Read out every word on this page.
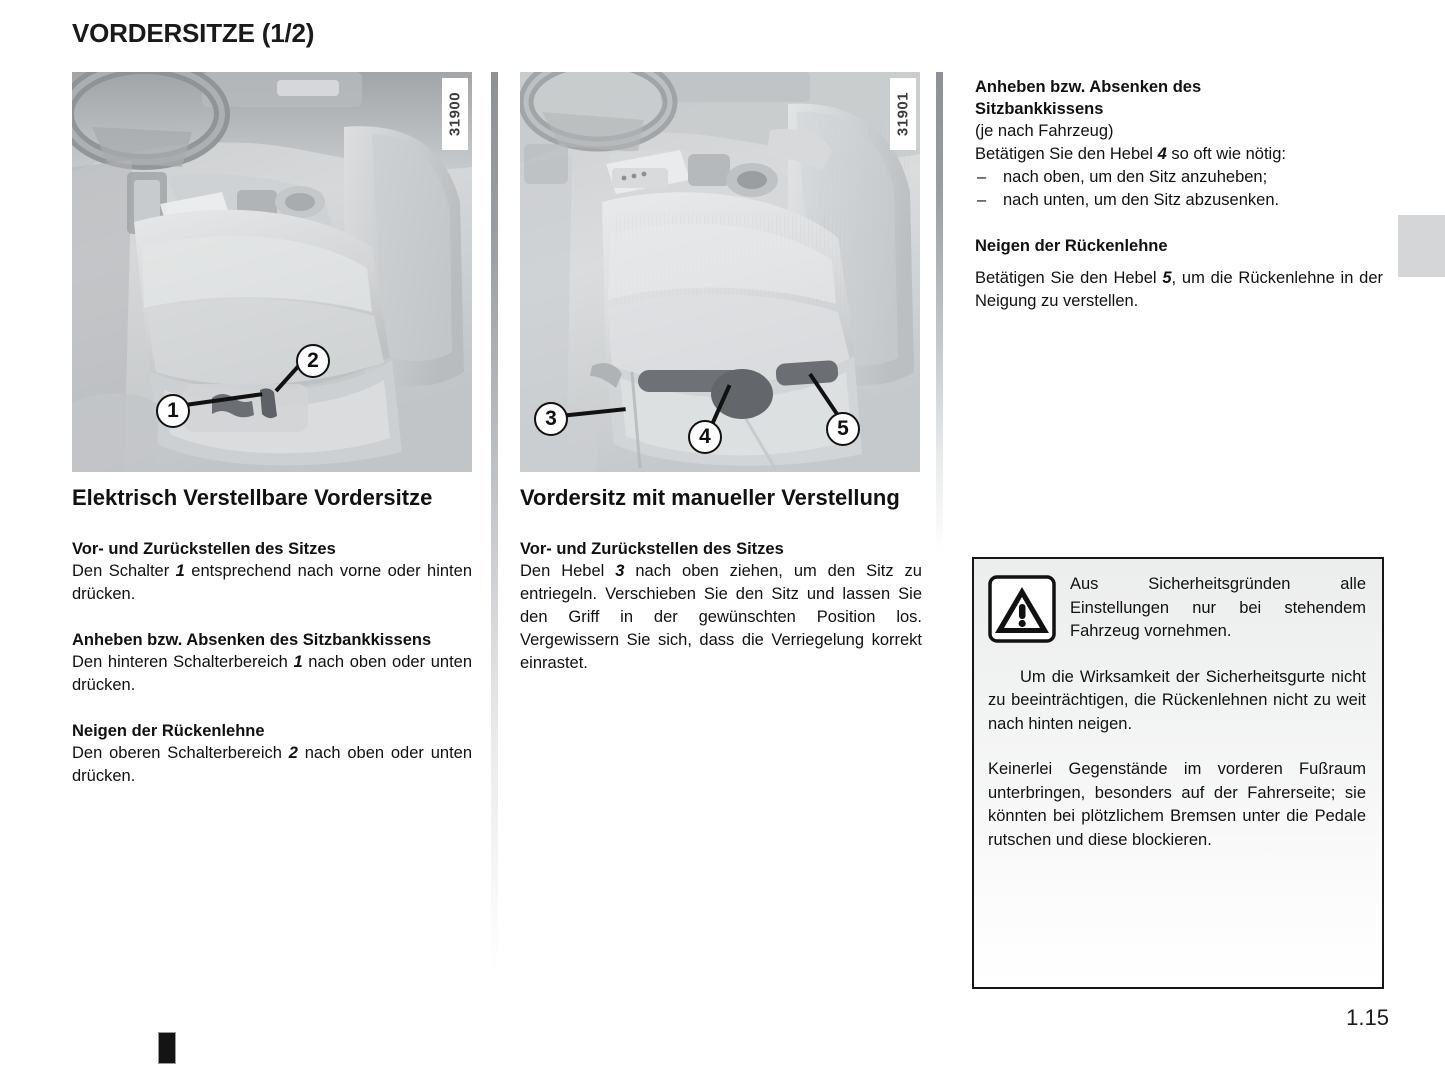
VORDERSITZE (1/2)
1
2
31900
3
4	5
31901
Elektrisch Verstellbare Vordersitze
Vor- und Zurückstellen des Sitzes

Den Schalter 1 entsprechend nach vorne oder hinten drücken.

Anheben bzw. Absenken des Sitzbankkissens

Den hinteren Schalterbereich 1 nach oben oder unten drücken.

Neigen der Rückenlehne

Den oberen Schalterbereich 2 nach oben oder unten drücken.

Vordersitz mit manueller Verstellung
Vor- und Zurückstellen des Sitzes

Den Hebel 3 nach oben ziehen, um den Sitz zu entriegeln. Verschieben Sie den Sitz und lassen Sie den Griff in der gewünschten Position los. Vergewissern Sie sich, dass die Verriegelung korrekt einrastet.

Anheben bzw. Absenken des
Sitzbankkissens

(je nach Fahrzeug)

Betätigen Sie den Hebel 4 so oft wie nötig:

– nach oben, um den Sitz anzuheben;
– nach unten, um den Sitz abzusenken.
Neigen der Rückenlehne

Betätigen Sie den Hebel 5, um die Rückenlehne in der Neigung zu verstellen.

Aus Sicherheitsgründen alle Einstellungen nur bei stehendem Fahrzeug vornehmen.

Um die Wirksamkeit der Sicherheitsgurte nicht zu beeinträchtigen, die Rückenlehnen nicht zu weit nach hinten neigen.

Keinerlei Gegenstände im vorderen Fußraum unterbringen, besonders auf der Fahrerseite; sie könnten bei plötzlichem Bremsen unter die Pedale rutschen und diese blockieren.

1.15
